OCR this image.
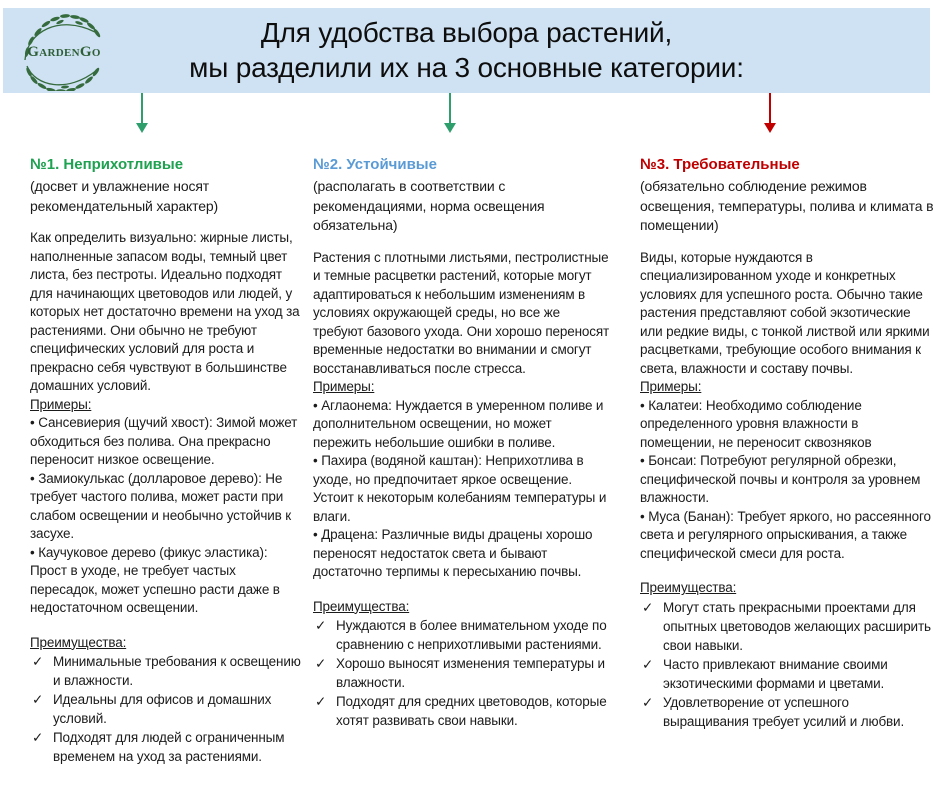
GardenGo
Для удобства выбора растений,
мы разделили их на 3 основные категории:
№1. Неприхотливые

(досвет и увлажнение носят рекомендательный характер)

Как определить визуально: жирные листы, наполненные запасом воды, темный цвет листа, без пестроты. Идеально подходят для начинающих цветоводов или людей, у которых нет достаточно времени на уход за растениями. Они обычно не требуют специфических условий для роста и прекрасно себя чувствуют в большинстве домашних условий.

Примеры:

• Сансевиерия (щучий хвост): Зимой может обходиться без полива. Она прекрасно переносит низкое освещение.
• Замиокулькас (долларовое дерево): Не требует частого полива, может расти при слабом освещении и необычно устойчив к засухе.
• Каучуковое дерево (фикус эластика): Прост в уходе, не требует частых пересадок, может успешно расти даже в недостаточном освещении.

Преимущества:

✓ Минимальные требования к освещению и влажности.
✓ Идеальны для офисов и домашних условий.
✓ Подходят для людей с ограниченным временем на уход за растениями.
№2. Устойчивые

(располагать в соответствии с рекомендациями, норма освещения обязательна)

Растения с плотными листьями, пестролистные и темные расцветки растений, которые могут адаптироваться к небольшим изменениям в условиях окружающей среды, но все же требуют базового ухода. Они хорошо переносят временные недостатки во внимании и смогут восстанавливаться после стресса.

Примеры:

• Аглаонема: Нуждается в умеренном поливе и дополнительном освещении, но может пережить небольшие ошибки в поливе.
• Пахира (водяной каштан): Неприхотлива в уходе, но предпочитает яркое освещение. Устоит к некоторым колебаниям температуры и влаги.
• Драцена: Различные виды драцены хорошо переносят недостаток света и бывают достаточно терпимы к пересыханию почвы.

Преимущества:

✓ Нуждаются в более внимательном уходе по сравнению с неприхотливыми растениями.
✓ Хорошо выносят изменения температуры и влажности.
✓ Подходят для средних цветоводов, которые хотят развивать свои навыки.
№3. Требовательные

(обязательно соблюдение режимов освещения, температуры, полива и климата в помещении)

Виды, которые нуждаются в специализированном уходе и конкретных условиях для успешного роста. Обычно такие растения представляют собой экзотические или редкие виды, с тонкой листвой или яркими расцветками, требующие особого внимания к света, влажности и составу почвы.

Примеры:

• Калатеи: Необходимо соблюдение определенного уровня влажности в помещении, не переносит сквозняков
• Бонсаи: Потребуют регулярной обрезки, специфической почвы и контроля за уровнем влажности.
• Муса (Банан): Требует яркого, но рассеянного света и регулярного опрыскивания, а также специфической смеси для роста.

Преимущества:

✓ Могут стать прекрасными проектами для опытных цветоводов желающих расширить свои навыки.
✓ Часто привлекают внимание своими экзотическими формами и цветами.
✓ Удовлетворение от успешного выращивания требует усилий и любви.
